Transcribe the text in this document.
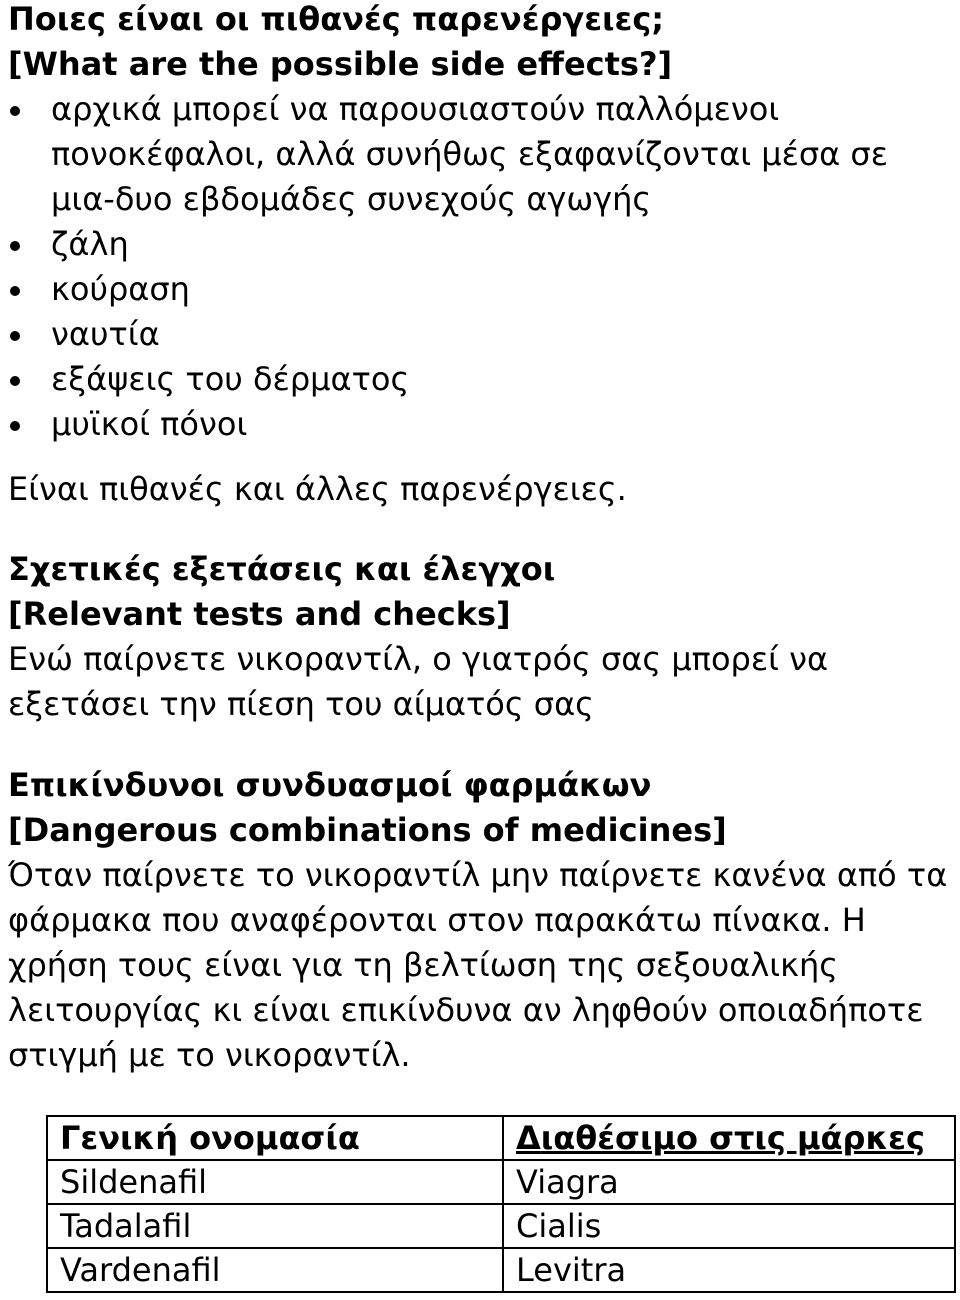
Ποιες είναι οι πιθανές παρενέργειες;

[What are the possible side effects?]

αρχικά μπορεί να παρουσιαστούν παλλόμενοι πονοκέφαλοι, αλλά συνήθως εξαφανίζονται μέσα σε μια-δυο εβδομάδες συνεχούς αγωγής
ζάλη
κούραση
ναυτία
εξάψεις του δέρματος
μυϊκοί πόνοι

Είναι πιθανές και άλλες παρενέργειες.

Σχετικές εξετάσεις και έλεγχοι

[Relevant tests and checks]

Ενώ παίρνετε νικοραντίλ, ο γιατρός σας μπορεί να εξετάσει την πίεση του αίματός σας

Επικίνδυνοι συνδυασμοί φαρμάκων

[Dangerous combinations of medicines]

Όταν παίρνετε το νικοραντίλ μην παίρνετε κανένα από τα φάρμακα που αναφέρονται στον παρακάτω πίνακα. Η χρήση τους είναι για τη βελτίωση της σεξουαλικής λειτουργίας κι είναι επικίνδυνα αν ληφθούν οποιαδήποτε στιγμή με το νικοραντίλ.

Γενική ονομασία	Διαθέσιμο στις μάρκες
Sildenafil	Viagra
Tadalafil	Cialis
Vardenafil	Levitra
